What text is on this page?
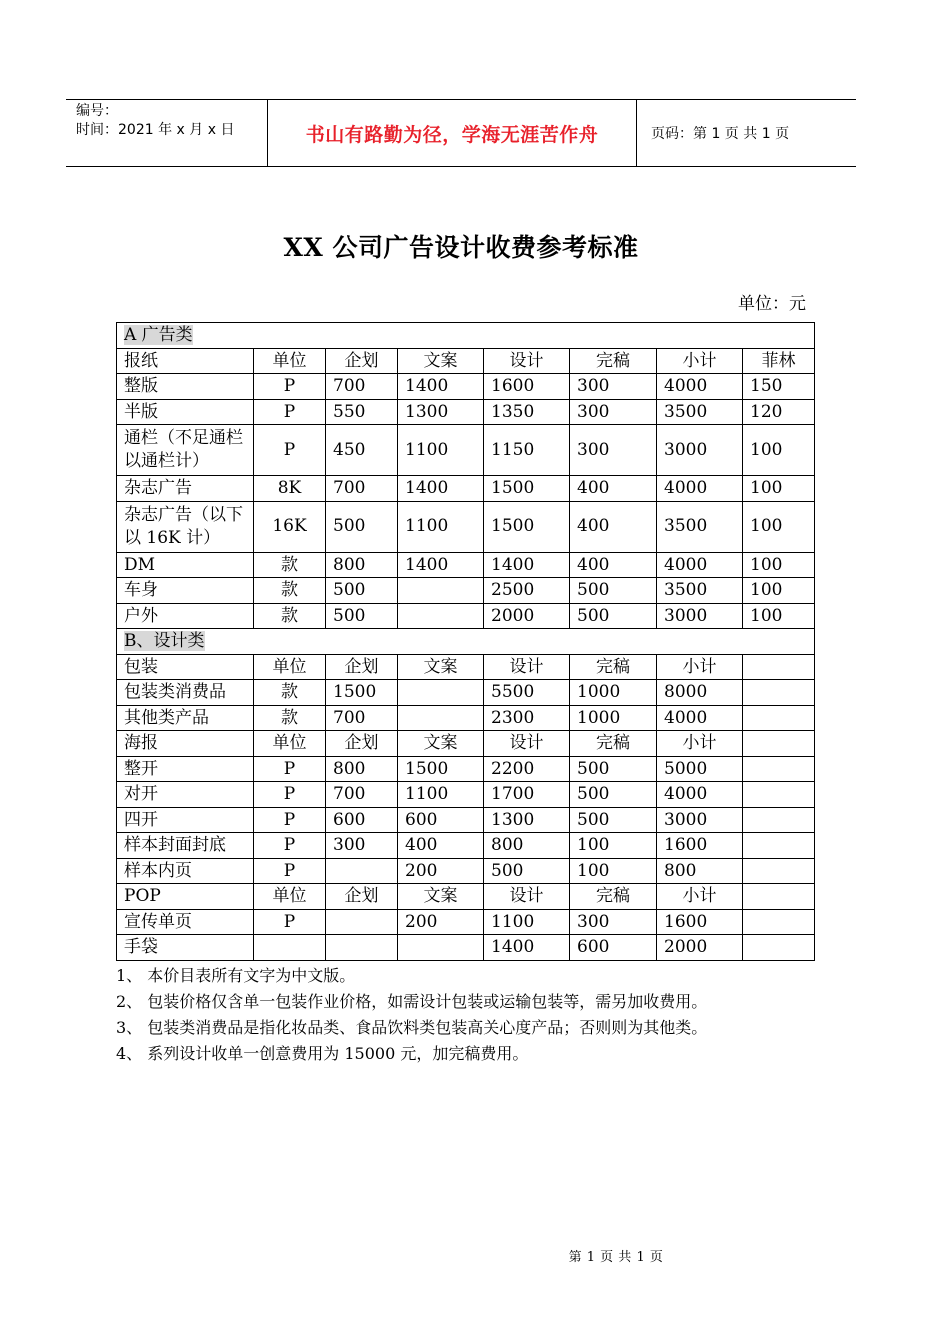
编号：
时间：2021 年 x 月 x 日	书山有路勤为径，学海无涯苦作舟	页码：第 1 页 共 1 页
XX 公司广告设计收费参考标准
单位：元
A 广告类							
报纸	单位	企划	文案	设计	完稿	小计	菲林
整版	P	700	1400	1600	300	4000	150
半版	P	550	1300	1350	300	3500	120
通栏（不足通栏以通栏计）	P	450	1100	1150	300	3000	100
杂志广告	8K	700	1400	1500	400	4000	100
杂志广告（以下以 16K 计）	16K	500	1100	1500	400	3500	100
DM	款	800	1400	1400	400	4000	100
车身	款	500		2500	500	3500	100
户外	款	500		2000	500	3000	100
B、设计类							
包装	单位	企划	文案	设计	完稿	小计	
包装类消费品	款	1500		5500	1000	8000	
其他类产品	款	700		2300	1000	4000	
海报	单位	企划	文案	设计	完稿	小计	
整开	P	800	1500	2200	500	5000	
对开	P	700	1100	1700	500	4000	
四开	P	600	600	1300	500	3000	
样本封面封底	P	300	400	800	100	1600	
样本内页	P		200	500	100	800	
POP	单位	企划	文案	设计	完稿	小计	
宣传单页	P		200	1100	300	1600	
手袋				1400	600	2000	
1、 本价目表所有文字为中文版。
2、 包装价格仅含单一包装作业价格，如需设计包装或运输包装等，需另加收费用。
3、 包装类消费品是指化妆品类、食品饮料类包装高关心度产品；否则则为其他类。
4、 系列设计收单一创意费用为 15000 元，加完稿费用。
第 1 页 共 1 页
